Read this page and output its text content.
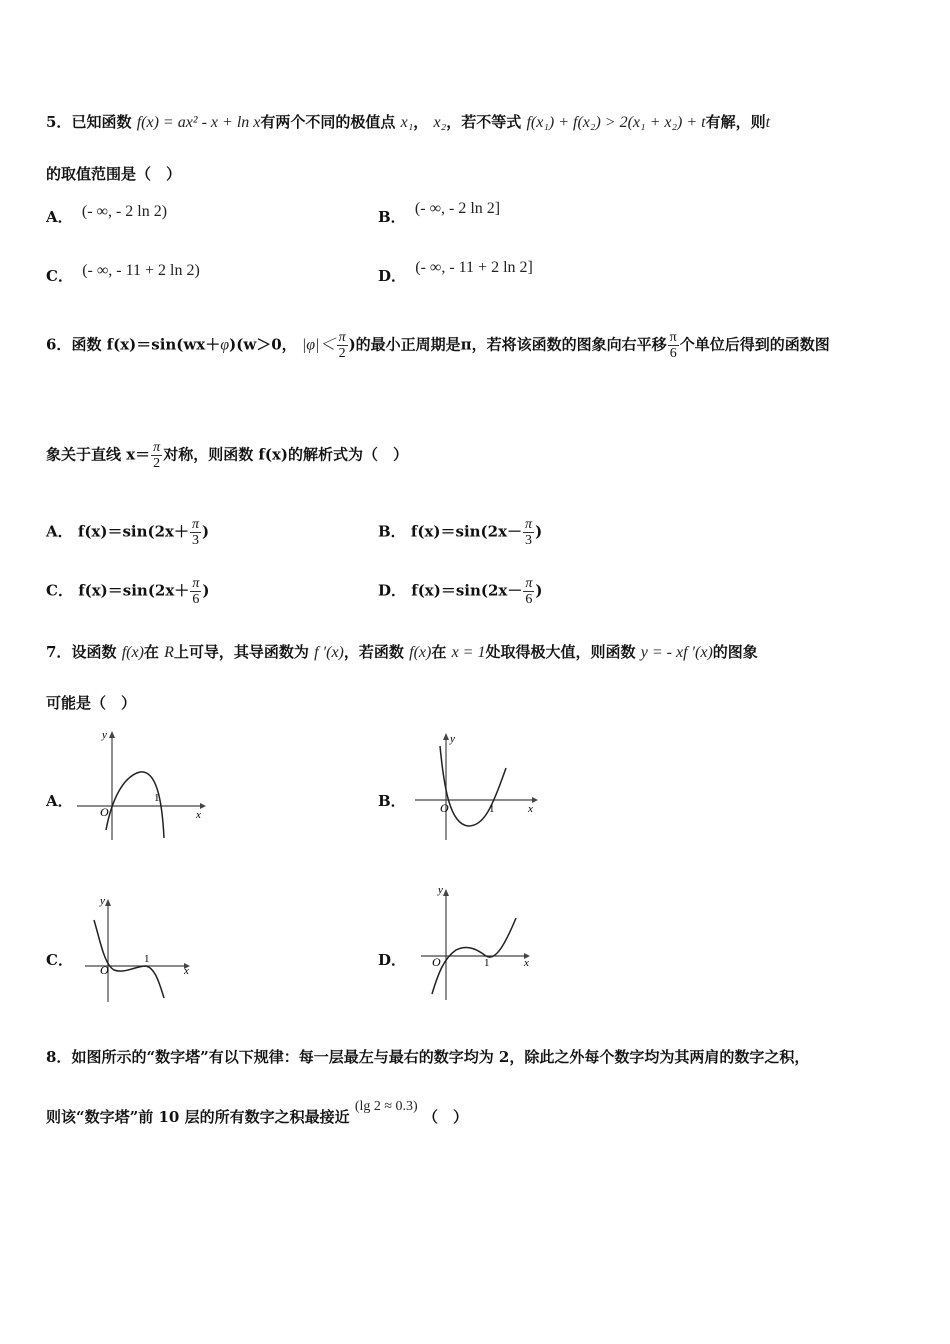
5．已知函数 f(x) = ax² - x + ln x有两个不同的极值点 x₁， x₂，若不等式 f(x₁) + f(x₂) > 2(x₁ + x₂) + t有解，则t
的取值范围是（　）
A． (- ∞, - 2 ln 2)	B． (- ∞, - 2 ln 2]
C． (- ∞, - 11 + 2 ln 2)	D． (- ∞, - 11 + 2 ln 2]
6．函数 f(x)＝sin(wx＋φ)(w＞0， $|\varphi|< \frac{\pi}{2}$ )的最小正周期是π，若将该函数的图象向右平移 $\frac{\pi}{6}$ 个单位后得到的函数图
象关于直线 $x= \frac{\pi}{2}$ 对称，则函数 f(x)的解析式为（　）
A． $f(x)=\sin(2x+ \frac{\pi}{3}$ )	B． $f(x)=\sin(2x- \frac{\pi}{3}$ )
C． $f(x)=\sin(2x+ \frac{\pi}{6}$ )	D． $f(x)=\sin(2x- \frac{\pi}{6}$ )
7．设函数 f(x)在 R上可导，其导函数为 f ′(x)，若函数 f(x)在 x = 1处取得极大值，则函数 y = - xf ′(x)的图象
可能是（　）
A．
y
O
1
x
B．
y
O	1	x
C．
y
O
1
x
D．
y
O	1	x
8．如图所示的“数字塔”有以下规律：每一层最左与最右的数字均为 2，除此之外每个数字均为其两肩的数字之积，
则该“数字塔”前 10 层的所有数字之积最接近 (lg 2 ≈ 0.3) （　）
